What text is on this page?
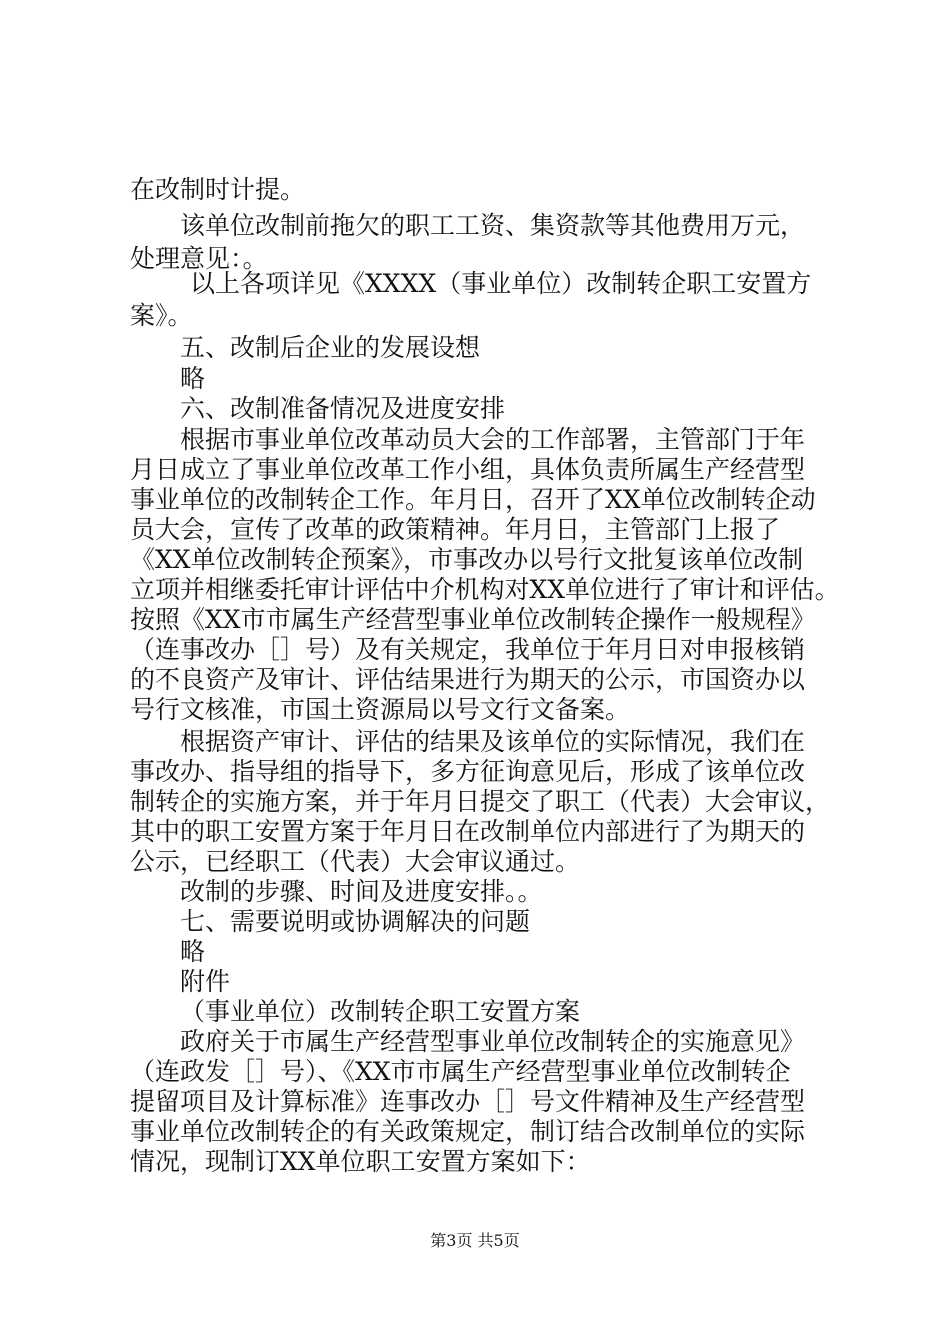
在改制时计提。
该单位改制前拖欠的职工工资、集资款等其他费用万元，
处理意见：。
以上各项详见《XXXX（事业单位）改制转企职工安置方
案》。
五、改制后企业的发展设想
略
六、改制准备情况及进度安排
根据市事业单位改革动员大会的工作部署，主管部门于年
月日成立了事业单位改革工作小组，具体负责所属生产经营型
事业单位的改制转企工作。年月日，召开了XX单位改制转企动
员大会，宣传了改革的政策精神。年月日，主管部门上报了
《XX单位改制转企预案》，市事改办以号行文批复该单位改制
立项并相继委托审计评估中介机构对XX单位进行了审计和评估。
按照《XX市市属生产经营型事业单位改制转企操作一般规程》
（连事改办［］号）及有关规定，我单位于年月日对申报核销
的不良资产及审计、评估结果进行为期天的公示，市国资办以
号行文核准，市国土资源局以号文行文备案。
根据资产审计、评估的结果及该单位的实际情况，我们在
事改办、指导组的指导下，多方征询意见后，形成了该单位改
制转企的实施方案，并于年月日提交了职工（代表）大会审议，
其中的职工安置方案于年月日在改制单位内部进行了为期天的
公示，已经职工（代表）大会审议通过。
改制的步骤、时间及进度安排。。
七、需要说明或协调解决的问题
略
附件
（事业单位）改制转企职工安置方案
政府关于市属生产经营型事业单位改制转企的实施意见》
（连政发［］号）、《XX市市属生产经营型事业单位改制转企
提留项目及计算标准》连事改办［］号文件精神及生产经营型
事业单位改制转企的有关政策规定，制订结合改制单位的实际
情况，现制订XX单位职工安置方案如下：
第3页 共5页
